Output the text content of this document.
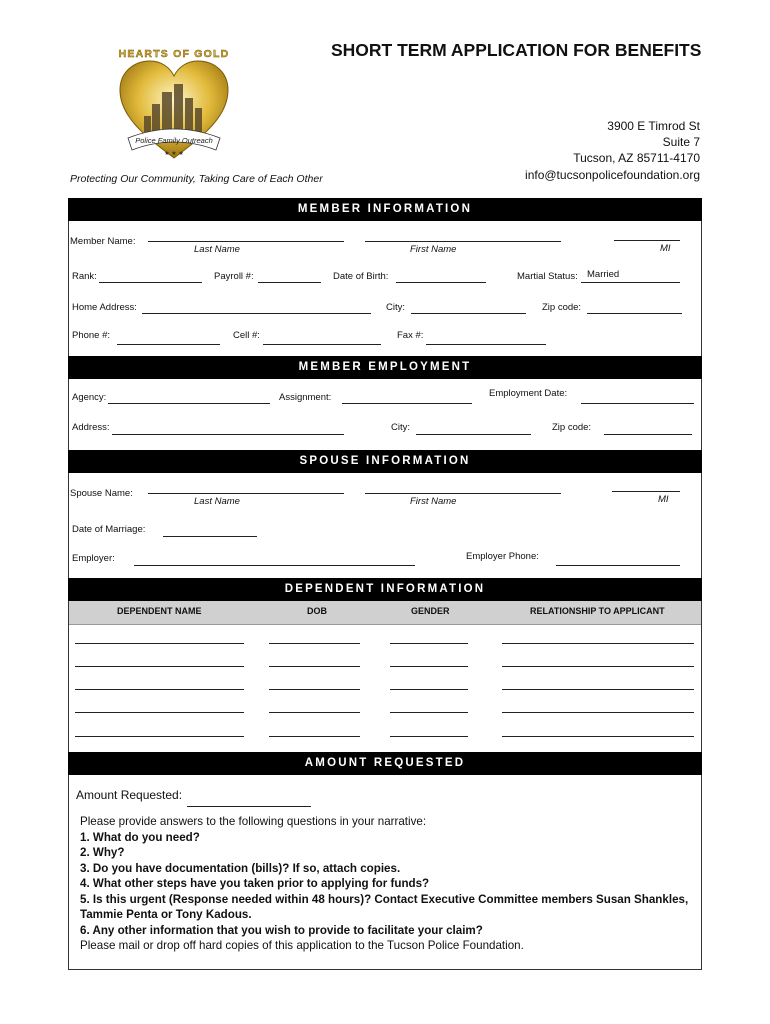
SHORT TERM APPLICATION FOR BENEFITS
HEARTS OF GOLD
Police Family Outreach
★ ★ ★
3900 E Timrod St
Suite 7
Tucson, AZ 85711-4170
info@tucsonpolicefoundation.org
Protecting Our Community, Taking Care of Each Other
MEMBER INFORMATION
Member Name:
Last Name	First Name	MI
Rank:	Payroll #:	Date of Birth:	Martial Status: Married
Home Address:	City:	Zip code:
Phone #:	Cell #:	Fax #:
MEMBER EMPLOYMENT
Agency:	Assignment:	Employment Date:
Address:	City:	Zip code:
SPOUSE INFORMATION
Spouse Name:
Last Name	First Name	MI
Date of Marriage:
Employer:	Employer Phone:
DEPENDENT INFORMATION
DEPENDENT NAME	DOB	GENDER	RELATIONSHIP TO APPLICANT
AMOUNT REQUESTED
Amount Requested:
Please provide answers to the following questions in your narrative:
1. What do you need?
2. Why?
3. Do you have documentation (bills)? If so, attach copies.
4. What other steps have you taken prior to applying for funds?
5. Is this urgent (Response needed within 48 hours)? Contact Executive Committee members Susan Shankles,
Tammie Penta or Tony Kadous.
6. Any other information that you wish to provide to facilitate your claim?
Please mail or drop off hard copies of this application to the Tucson Police Foundation.
